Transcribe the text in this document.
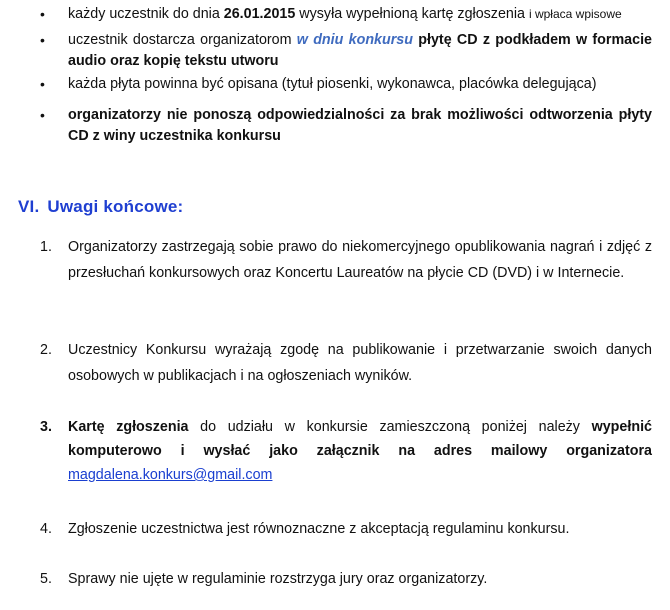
• każdy uczestnik do dnia 26.01.2015 wysyła wypełnioną kartę zgłoszenia i wpłaca wpisowe
• uczestnik dostarcza organizatorom w dniu konkursu płytę CD z podkładem w formacie audio oraz kopię tekstu utworu
• każda płyta powinna być opisana (tytuł piosenki, wykonawca, placówka delegująca)
• organizatorzy nie ponoszą odpowiedzialności za brak możliwości odtworzenia płyty CD z winy uczestnika konkursu
VI. Uwagi końcowe:
1. Organizatorzy zastrzegają sobie prawo do niekomercyjnego opublikowania nagrań i zdjęć z przesłuchań konkursowych oraz Koncertu Laureatów na płycie CD (DVD) i w Internecie.
2. Uczestnicy Konkursu wyrażają zgodę na publikowanie i przetwarzanie swoich danych osobowych w publikacjach i na ogłoszeniach wyników.
3. Kartę zgłoszenia do udziału w konkursie zamieszczoną poniżej należy wypełnić komputerowo i wysłać jako załącznik na adres mailowy organizatora magdalena.konkurs@gmail.com
4. Zgłoszenie uczestnictwa jest równoznaczne z akceptacją regulaminu konkursu.
5. Sprawy nie ujęte w regulaminie rozstrzyga jury oraz organizatorzy.
